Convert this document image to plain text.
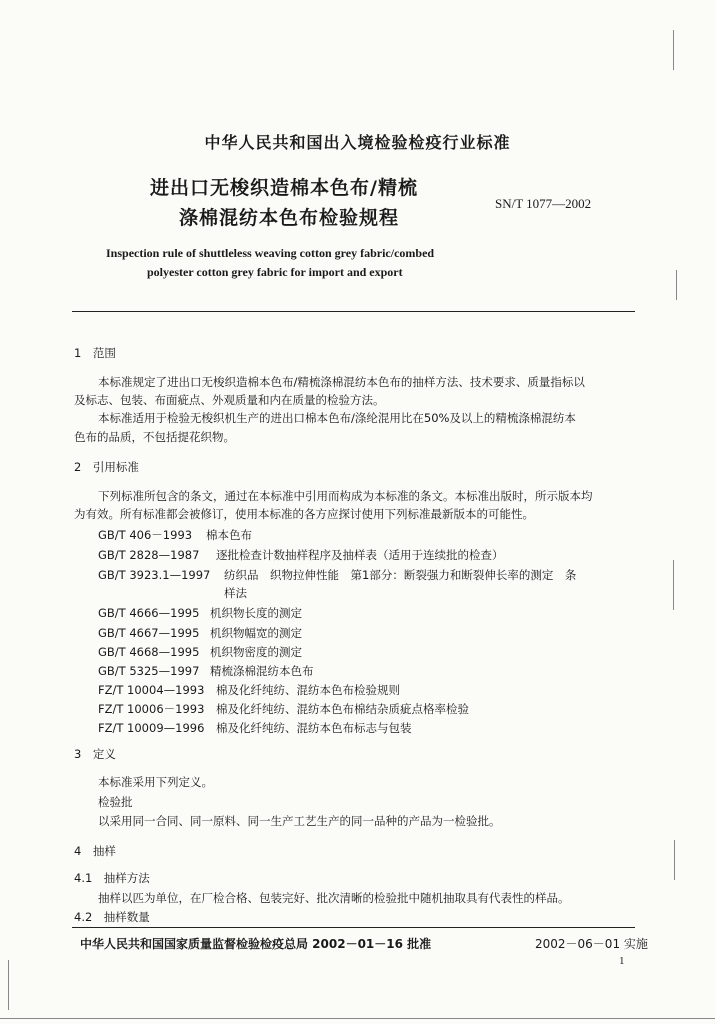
中华人民共和国出入境检验检疫行业标准
进出口无梭织造棉本色布/精梳
涤棉混纺本色布检验规程
SN/T 1077—2002
Inspection rule of shuttleless weaving cotton grey fabric/combed
polyester cotton grey fabric for import and export
1　范围
本标准规定了进出口无梭织造棉本色布/精梳涤棉混纺本色布的抽样方法、技术要求、质量指标以
及标志、包装、布面疵点、外观质量和内在质量的检验方法。
本标准适用于检验无梭织机生产的进出口棉本色布/涤纶混用比在50%及以上的精梳涤棉混纺本
色布的品质，不包括提花织物。
2　引用标准
下列标准所包含的条文，通过在本标准中引用而构成为本标准的条文。本标准出版时，所示版本均
为有效。所有标准都会被修订，使用本标准的各方应探讨使用下列标准最新版本的可能性。
GB/T 406－1993 棉本色布
GB/T 2828—1987 逐批检查计数抽样程序及抽样表（适用于连续批的检查）
GB/T 3923.1—1997 纺织品　织物拉伸性能　第1部分：断裂强力和断裂伸长率的测定　条
样法
GB/T 4666—1995 机织物长度的测定
GB/T 4667—1995 机织物幅宽的测定
GB/T 4668—1995 机织物密度的测定
GB/T 5325—1997 精梳涤棉混纺本色布
FZ/T 10004—1993 棉及化纤纯纺、混纺本色布检验规则
FZ/T 10006－1993 棉及化纤纯纺、混纺本色布棉结杂质疵点格率检验
FZ/T 10009—1996 棉及化纤纯纺、混纺本色布标志与包装
3　定义
本标准采用下列定义。
检验批
以采用同一合同、同一原料、同一生产工艺生产的同一品种的产品为一检验批。
4　抽样
4.1　抽样方法
抽样以匹为单位，在厂检合格、包装完好、批次清晰的检验批中随机抽取具有代表性的样品。
4.2　抽样数量
中华人民共和国国家质量监督检验检疫总局 2002－01－16 批准	2002－06－01 实施
1
